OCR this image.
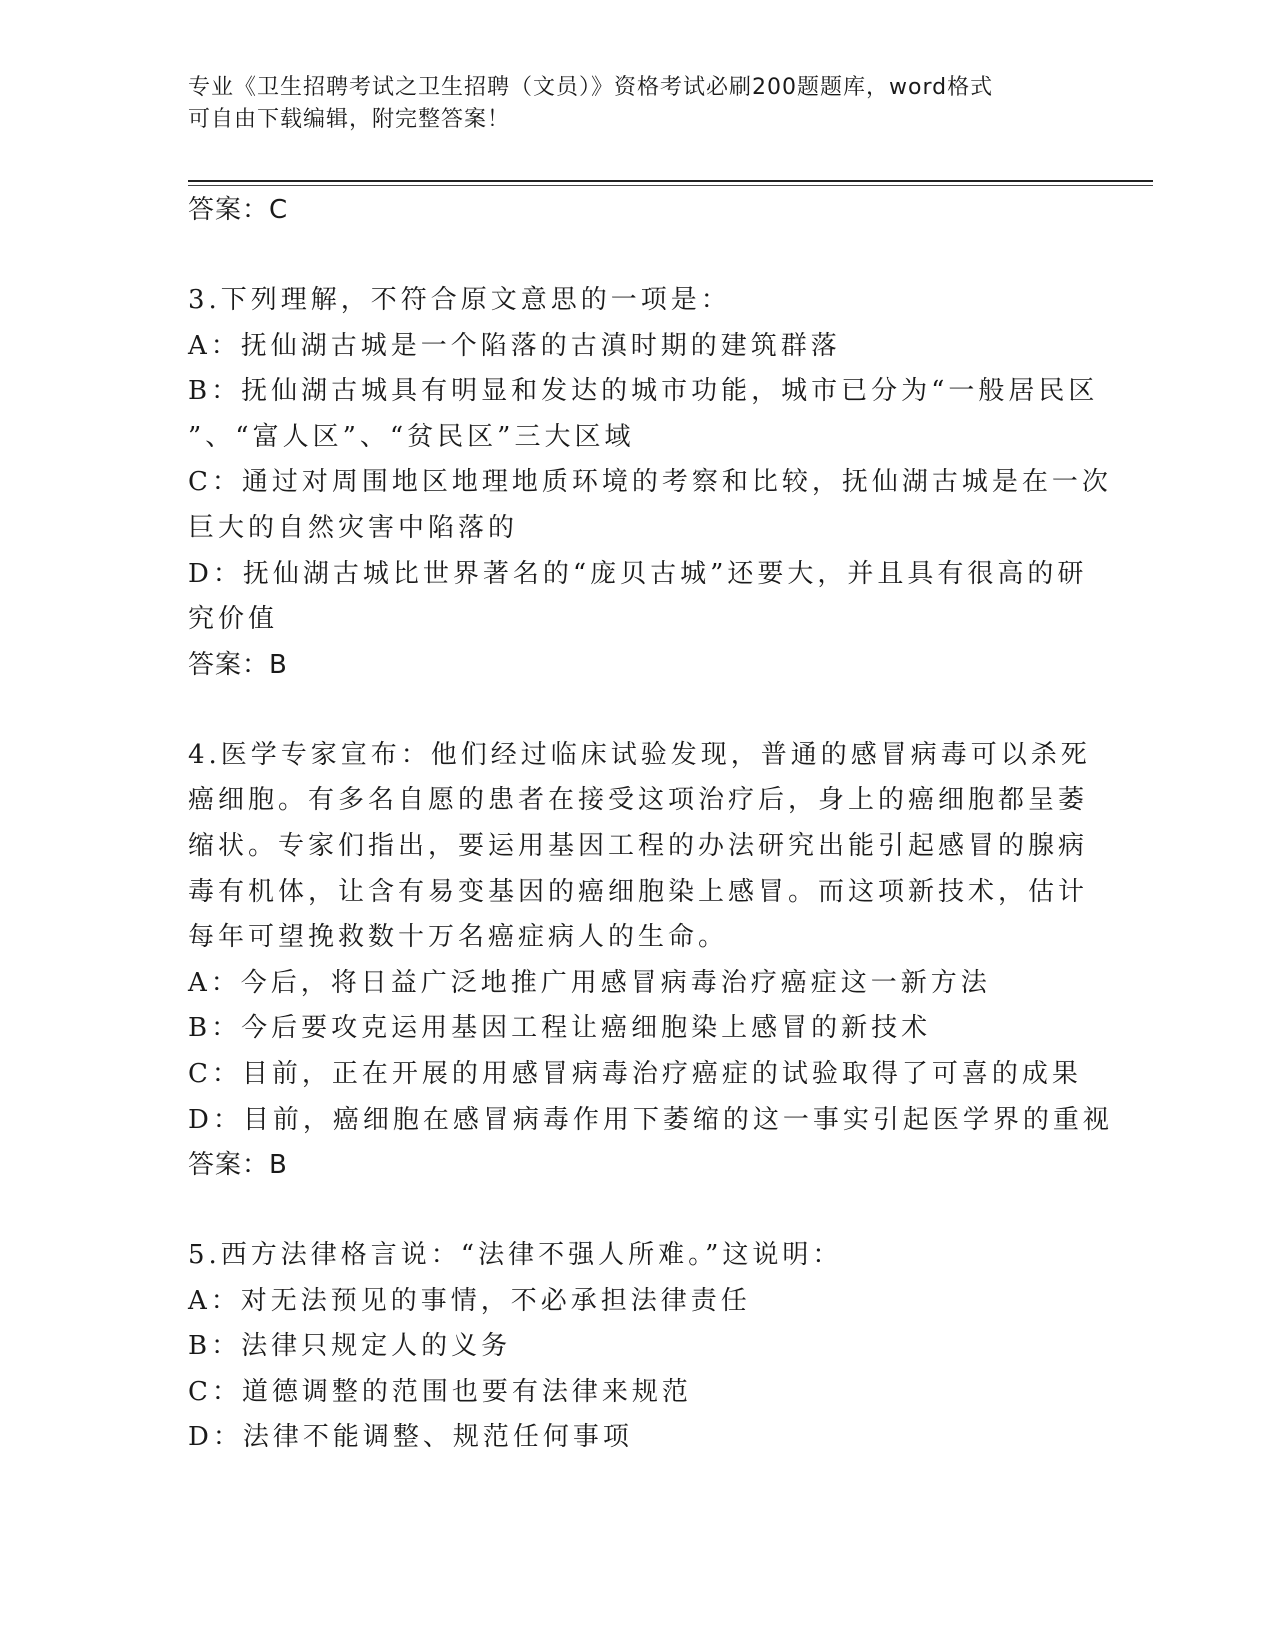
专业《卫生招聘考试之卫生招聘（文员）》资格考试必刷200题题库，word格式
可自由下载编辑，附完整答案！
答案：C
3.下列理解，不符合原文意思的一项是：
A：抚仙湖古城是一个陷落的古滇时期的建筑群落
B：抚仙湖古城具有明显和发达的城市功能，城市已分为“一般居民区
”、“富人区”、“贫民区”三大区域
C：通过对周围地区地理地质环境的考察和比较，抚仙湖古城是在一次
巨大的自然灾害中陷落的
D：抚仙湖古城比世界著名的“庞贝古城”还要大，并且具有很高的研
究价值
答案：B
4.医学专家宣布：他们经过临床试验发现，普通的感冒病毒可以杀死
癌细胞。有多名自愿的患者在接受这项治疗后，身上的癌细胞都呈萎
缩状。专家们指出，要运用基因工程的办法研究出能引起感冒的腺病
毒有机体，让含有易变基因的癌细胞染上感冒。而这项新技术，估计
每年可望挽救数十万名癌症病人的生命。
A：今后，将日益广泛地推广用感冒病毒治疗癌症这一新方法
B：今后要攻克运用基因工程让癌细胞染上感冒的新技术
C：目前，正在开展的用感冒病毒治疗癌症的试验取得了可喜的成果
D：目前，癌细胞在感冒病毒作用下萎缩的这一事实引起医学界的重视
答案：B
5.西方法律格言说：“法律不强人所难。”这说明：
A：对无法预见的事情，不必承担法律责任
B：法律只规定人的义务
C：道德调整的范围也要有法律来规范
D：法律不能调整、规范任何事项
